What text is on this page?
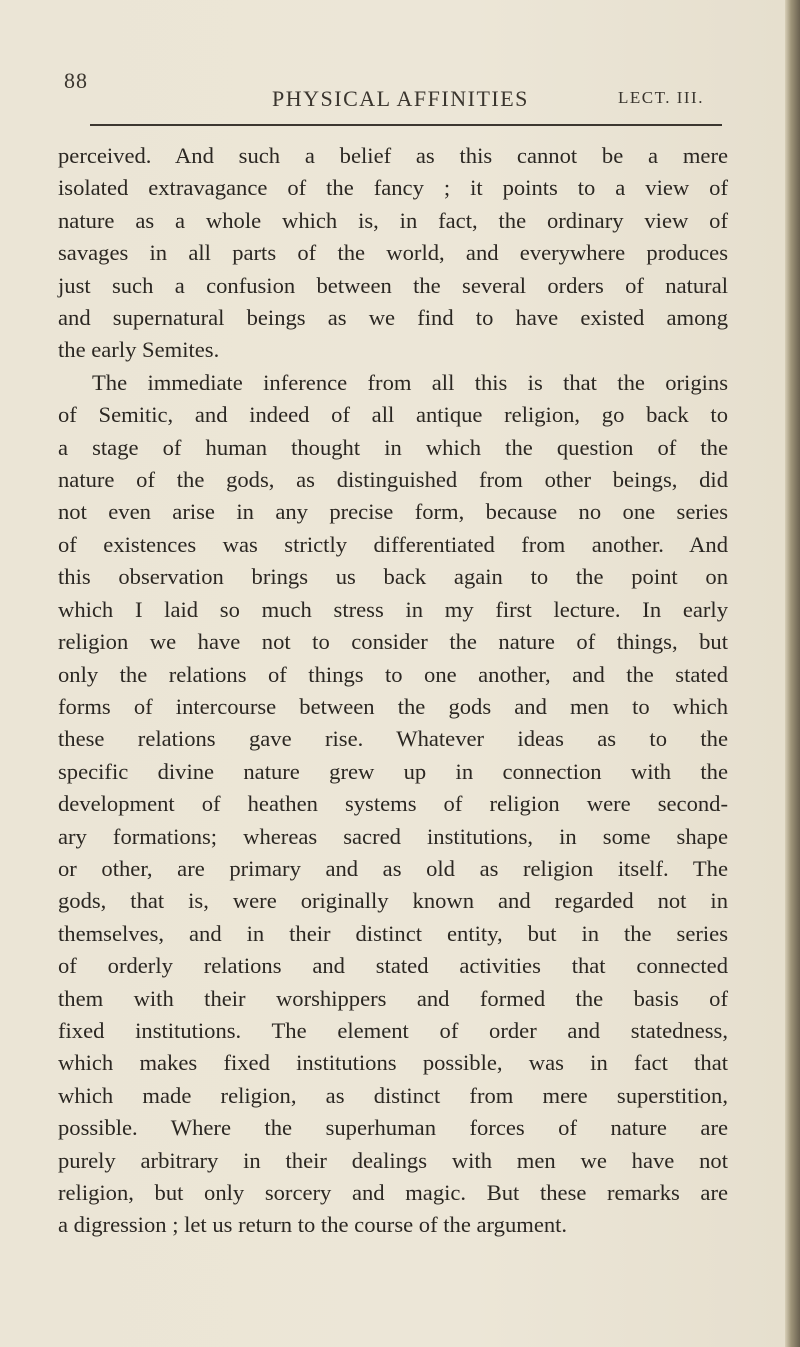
88
PHYSICAL AFFINITIES	LECT. III.
perceived. And such a belief as this cannot be a mere
isolated extravagance of the fancy ; it points to a view of
nature as a whole which is, in fact, the ordinary view of
savages in all parts of the world, and everywhere produces
just such a confusion between the several orders of natural
and supernatural beings as we find to have existed among
the early Semites.
The immediate inference from all this is that the origins
of Semitic, and indeed of all antique religion, go back to
a stage of human thought in which the question of the
nature of the gods, as distinguished from other beings, did
not even arise in any precise form, because no one series
of existences was strictly differentiated from another. And
this observation brings us back again to the point on
which I laid so much stress in my first lecture. In early
religion we have not to consider the nature of things, but
only the relations of things to one another, and the stated
forms of intercourse between the gods and men to which
these relations gave rise. Whatever ideas as to the
specific divine nature grew up in connection with the
development of heathen systems of religion were second-
ary formations; whereas sacred institutions, in some shape
or other, are primary and as old as religion itself. The
gods, that is, were originally known and regarded not in
themselves, and in their distinct entity, but in the series
of orderly relations and stated activities that connected
them with their worshippers and formed the basis of
fixed institutions. The element of order and statedness,
which makes fixed institutions possible, was in fact that
which made religion, as distinct from mere superstition,
possible. Where the superhuman forces of nature are
purely arbitrary in their dealings with men we have not
religion, but only sorcery and magic. But these remarks are
a digression ; let us return to the course of the argument.
